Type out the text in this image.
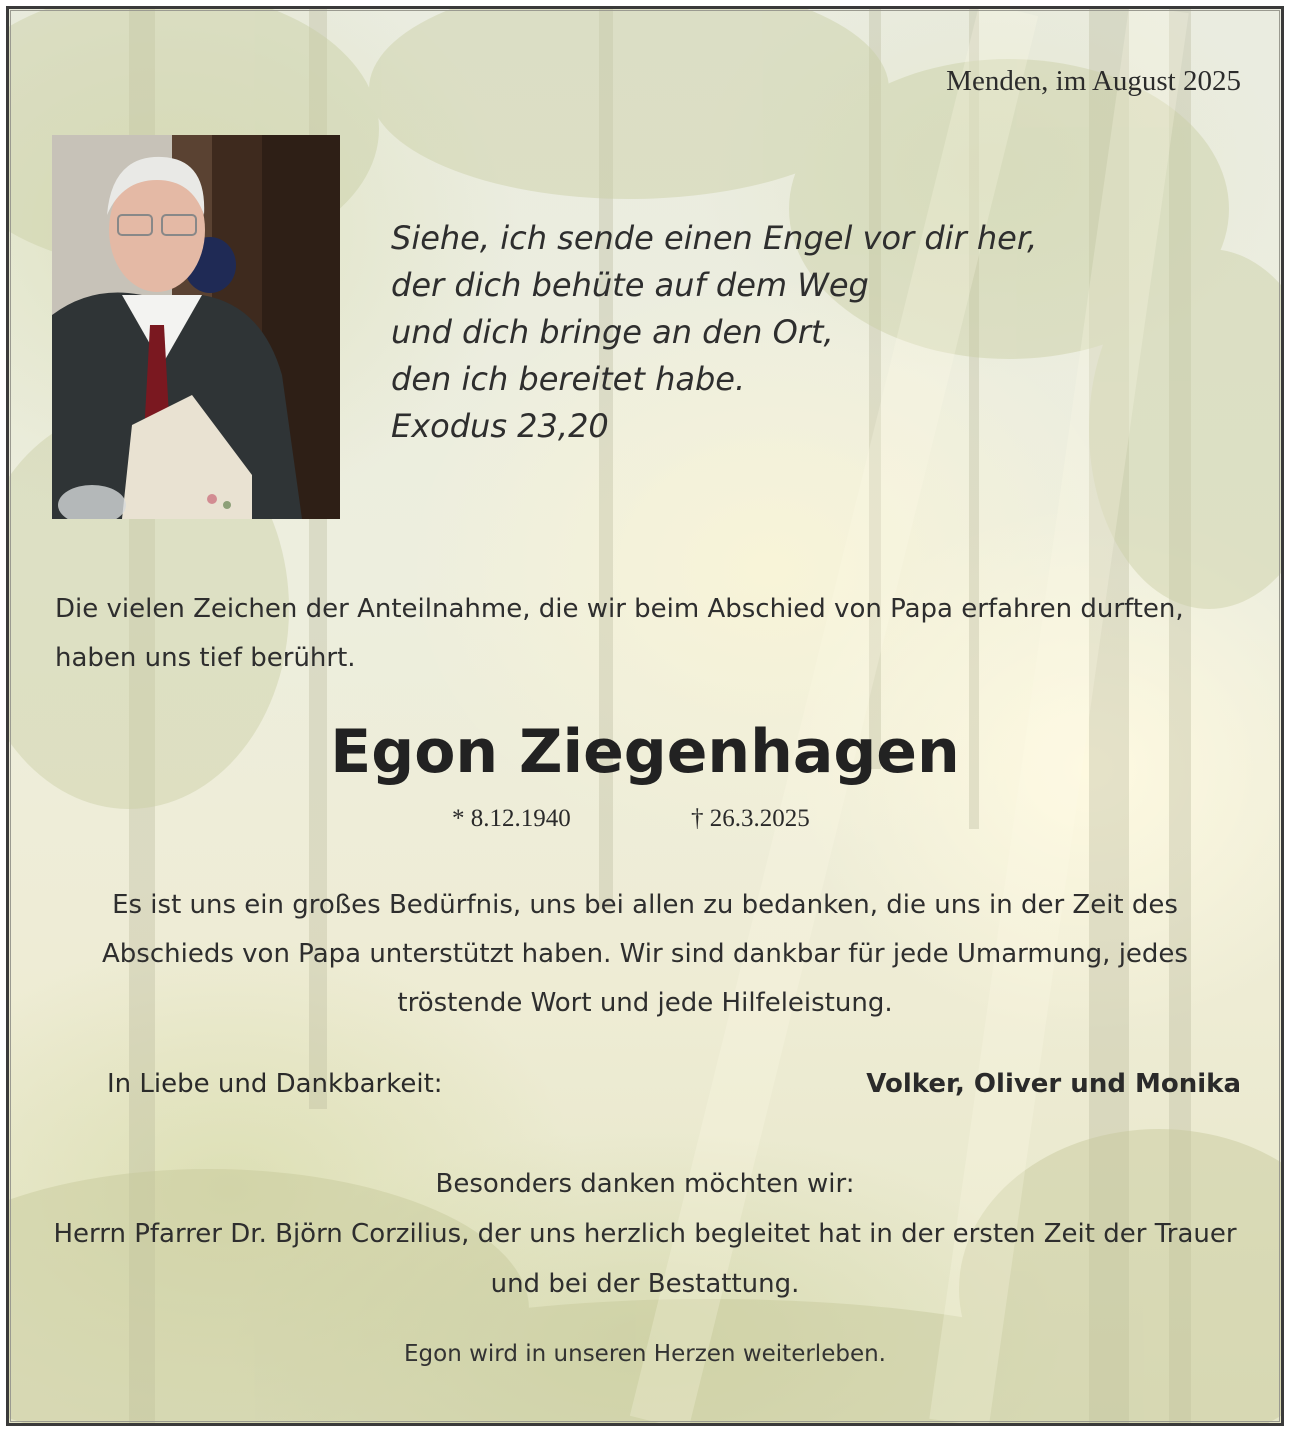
Menden, im August 2025
Siehe, ich sende einen Engel vor dir her,
der dich behüte auf dem Weg
und dich bringe an den Ort,
den ich bereitet habe.
Exodus 23,20
Die vielen Zeichen der Anteilnahme, die wir beim Abschied von Papa erfahren durften, haben uns tief berührt.
Egon Ziegenhagen
* 8.12.1940	† 26.3.2025
Es ist uns ein großes Bedürfnis, uns bei allen zu bedanken, die uns in der Zeit des Abschieds von Papa unterstützt haben. Wir sind dankbar für jede Umarmung, jedes tröstende Wort und jede Hilfeleistung.
In Liebe und Dankbarkeit:	Volker, Oliver und Monika
Besonders danken möchten wir:
Herrn Pfarrer Dr. Björn Corzilius, der uns herzlich begleitet hat in der ersten Zeit der Trauer und bei der Bestattung.
Egon wird in unseren Herzen weiterleben.
